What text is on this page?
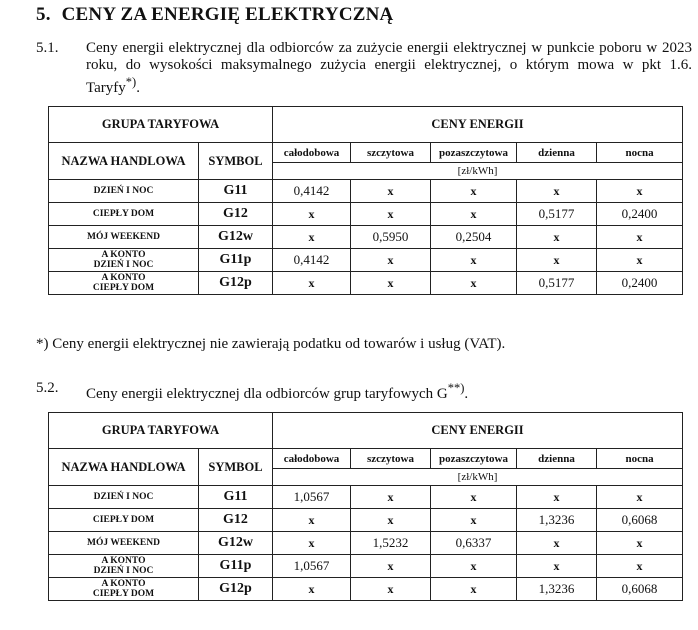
5. CENY ZA ENERGIĘ ELEKTRYCZNĄ
5.1. Ceny energii elektrycznej dla odbiorców za zużycie energii elektrycznej w punkcie poboru w 2023 roku, do wysokości maksymalnego zużycia energii elektrycznej, o którym mowa w pkt 1.6. Taryfy*).
GRUPA TARYFOWA		CENY ENERGII				
NAZWA HANDLOWA	SYMBOL	całodobowa	szczytowa	pozaszczytowa	dzienna	nocna
		[zł/kWh]				

DZIEŃ I NOC	G11	0,4142	x	x	x	x

CIEPŁY DOM	G12	x	x	x	0,5177	0,2400

MÓJ WEEKEND	G12w	x	0,5950	0,2504	x	x

A KONTO
DZIEŃ I NOC	G11p	0,4142	x	x	x	x

A KONTO
CIEPŁY DOM	G12p	x	x	x	0,5177	0,2400
*) Ceny energii elektrycznej nie zawierają podatku od towarów i usług (VAT).
5.2. Ceny energii elektrycznej dla odbiorców grup taryfowych G**).
GRUPA TARYFOWA		CENY ENERGII				
NAZWA HANDLOWA	SYMBOL	całodobowa	szczytowa	pozaszczytowa	dzienna	nocna
		[zł/kWh]				

DZIEŃ I NOC	G11	1,0567	x	x	x	x

CIEPŁY DOM	G12	x	x	x	1,3236	0,6068

MÓJ WEEKEND	G12w	x	1,5232	0,6337	x	x

A KONTO
DZIEŃ I NOC	G11p	1,0567	x	x	x	x

A KONTO
CIEPŁY DOM	G12p	x	x	x	1,3236	0,6068
